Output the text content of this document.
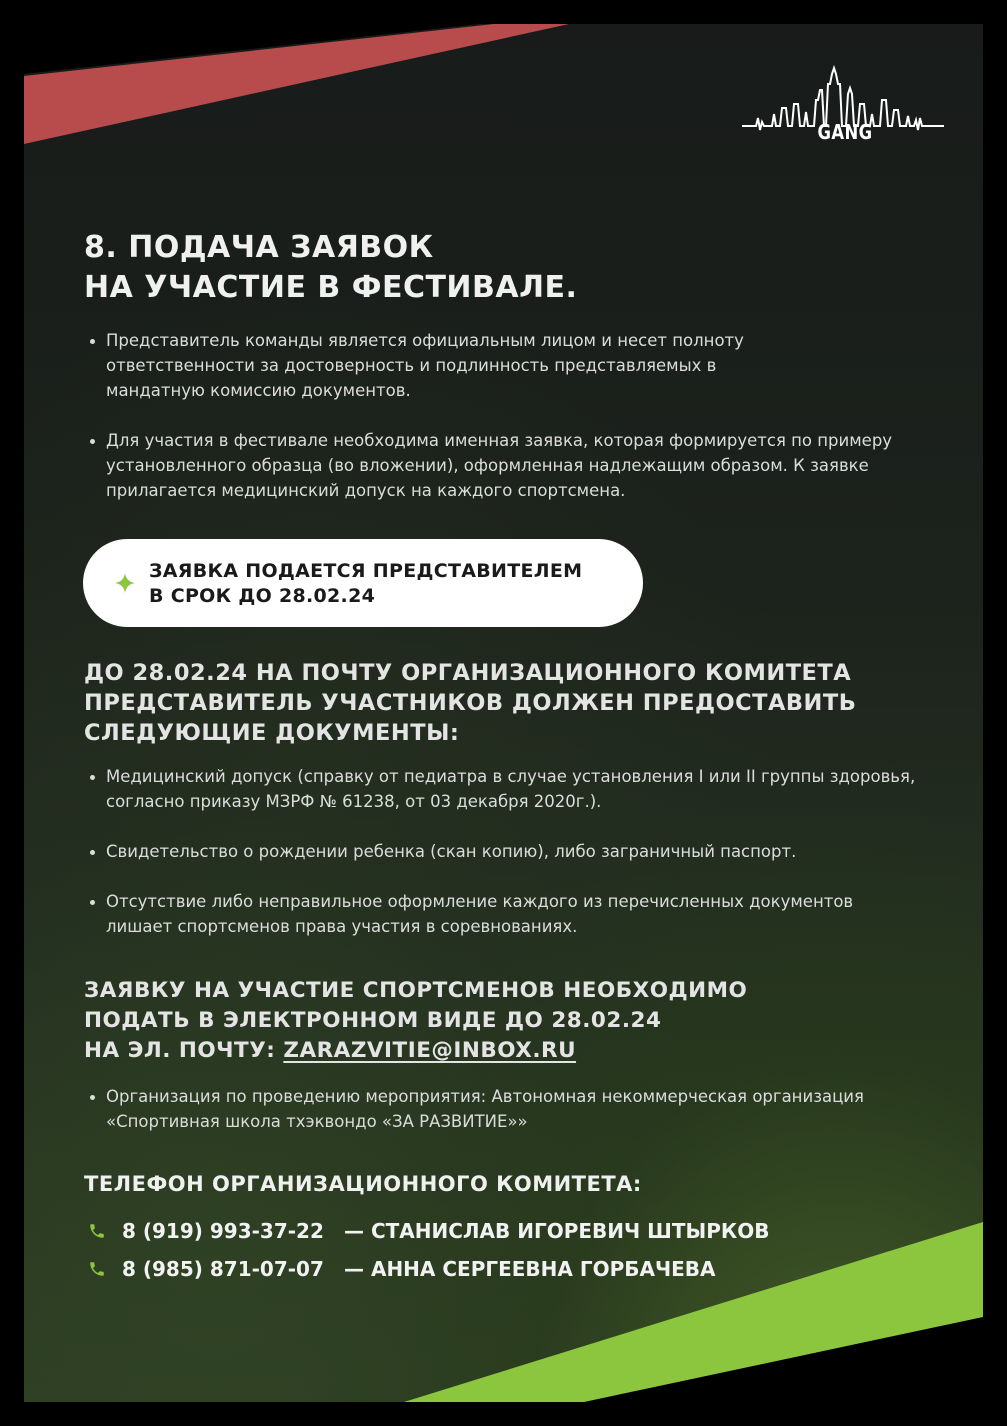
GANG
8. ПОДАЧА ЗАЯВОК
НА УЧАСТИЕ В ФЕСТИВАЛЕ.
Представитель команды является официальным лицом и несет полноту ответственности за достоверность и подлинность представляемых в мандатную комиссию документов.
Для участия в фестивале необходима именная заявка, которая формируется по примеру установленного образца (во вложении), оформленная надлежащим образом. К заявке прилагается медицинский допуск на каждого спортсмена.
ЗАЯВКА ПОДАЕТСЯ ПРЕДСТАВИТЕЛЕМ
В СРОК ДО 28.02.24
ДО 28.02.24 НА ПОЧТУ ОРГАНИЗАЦИОННОГО КОМИТЕТА
ПРЕДСТАВИТЕЛЬ УЧАСТНИКОВ ДОЛЖЕН ПРЕДОСТАВИТЬ
СЛЕДУЮЩИЕ ДОКУМЕНТЫ:
Медицинский допуск (справку от педиатра в случае установления I или II группы здоровья, согласно приказу МЗРФ № 61238, от 03 декабря 2020г.).
Свидетельство о рождении ребенка (скан копию), либо заграничный паспорт.
Отсутствие либо неправильное оформление каждого из перечисленных документов лишает спортсменов права участия в соревнованиях.
ЗАЯВКУ НА УЧАСТИЕ СПОРТСМЕНОВ НЕОБХОДИМО
ПОДАТЬ В ЭЛЕКТРОННОМ ВИДЕ ДО 28.02.24
НА ЭЛ. ПОЧТУ: ZARAZVITIE@INBOX.RU
Организация по проведению мероприятия: Автономная некоммерческая организация «Спортивная школа тхэквондо «ЗА РАЗВИТИЕ»»
ТЕЛЕФОН ОРГАНИЗАЦИОННОГО КОМИТЕТА:
8 (919) 993-37-22	— СТАНИСЛАВ ИГОРЕВИЧ ШТЫРКОВ
8 (985) 871-07-07	— АННА СЕРГЕЕВНА ГОРБАЧЕВА
